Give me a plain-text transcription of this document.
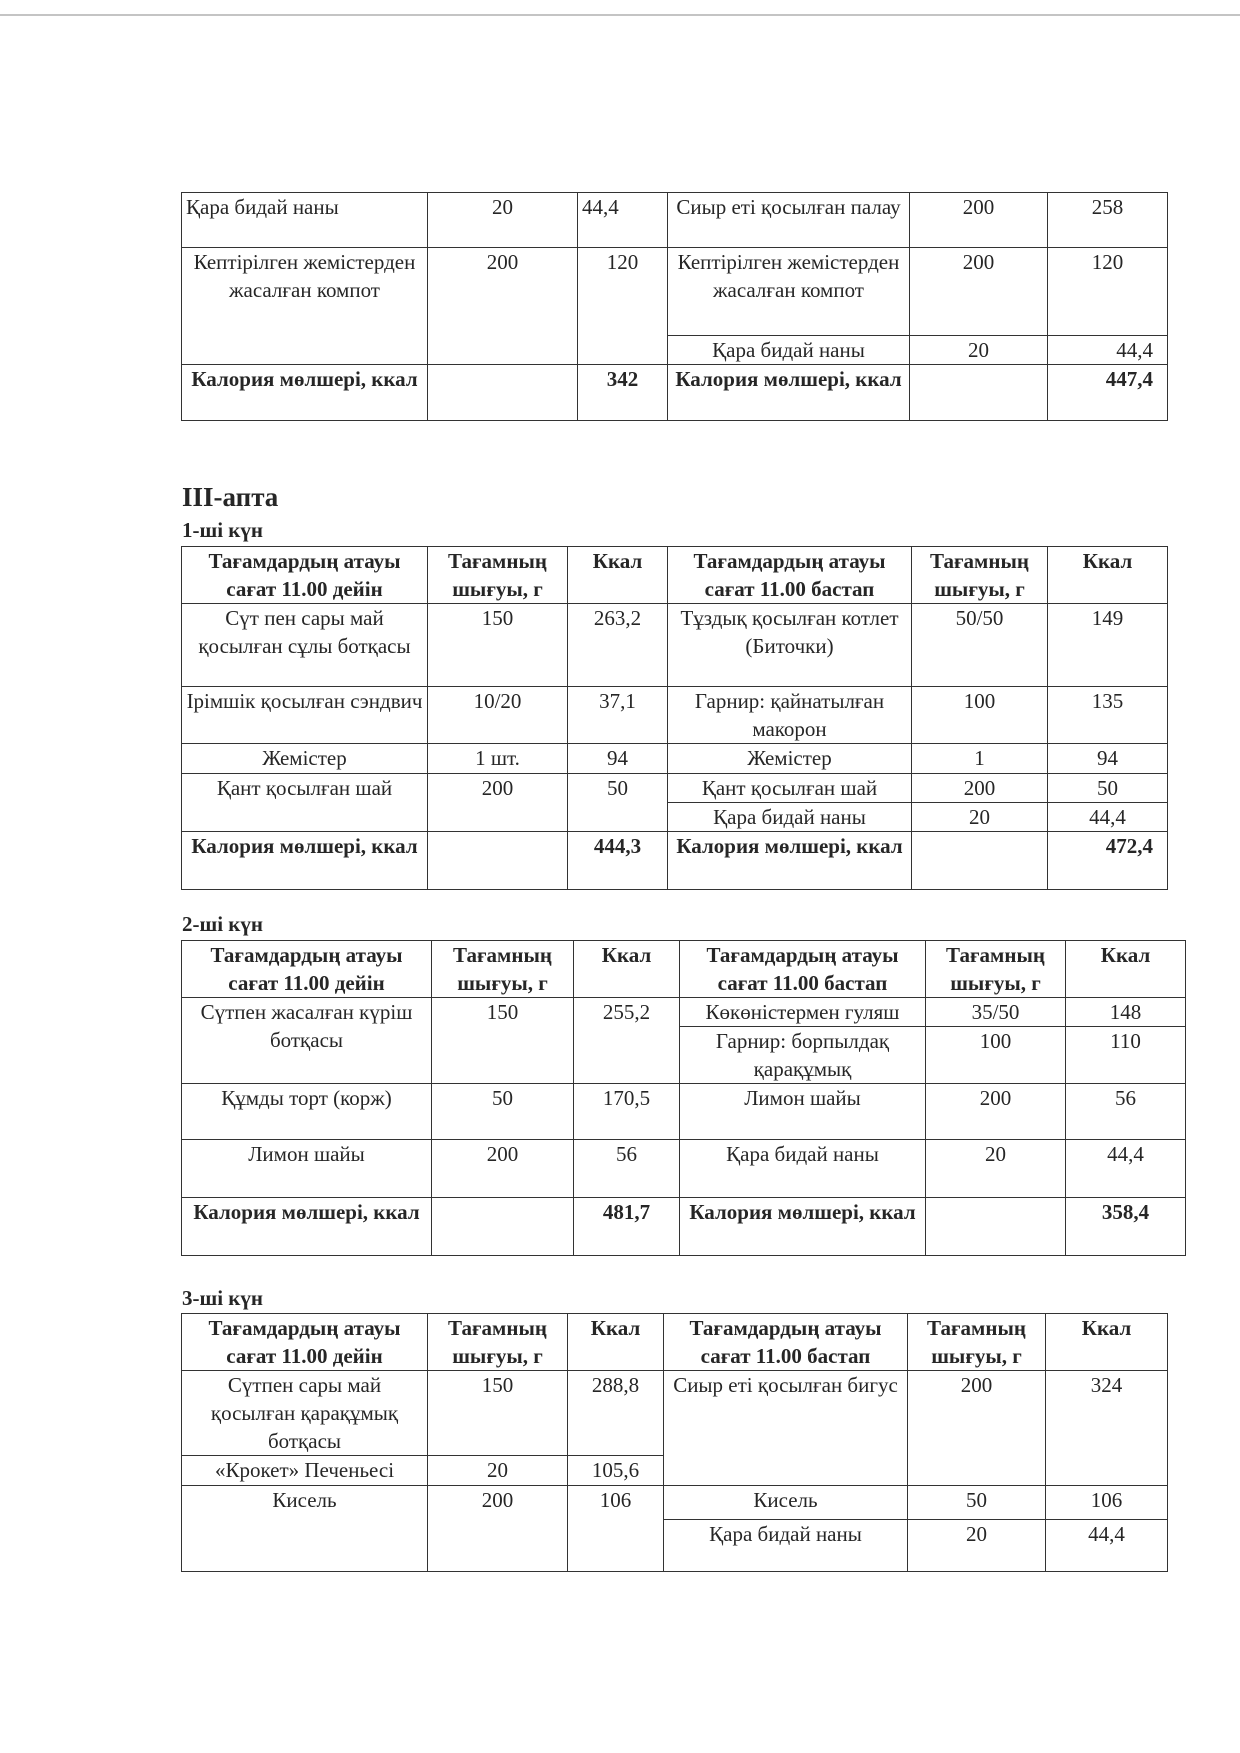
Қара бидай наны	20	44,4	Сиыр еті қосылған палау	200	258
Кептірілген жемістерден жасалған компот	200	120	Кептірілген жемістерден жасалған компот	200	120
			Қара бидай наны	20	44,4
Калория мөлшері, ккал		342	Калория мөлшері, ккал		447,4
ІІІ-апта
1-ші күн
Тағамдардың атауы сағат 11.00 дейін	Тағамның шығуы, г	Ккал	Тағамдардың атауы сағат 11.00 бастап	Тағамның шығуы, г	Ккал
Сүт пен сары май қосылған сұлы ботқасы	150	263,2	Тұздық қосылған котлет (Биточки)	50/50	149
Ірімшік қосылған сэндвич	10/20	37,1	Гарнир: қайнатылған макорон	100	135
Жемістер	1 шт.	94	Жемістер	1	94
Қант қосылған шай	200	50	Қант қосылған шай	200	50
			Қара бидай наны	20	44,4
Калория мөлшері, ккал		444,3	Калория мөлшері, ккал		472,4
2-ші күн
Тағамдардың атауы сағат 11.00 дейін	Тағамның шығуы, г	Ккал	Тағамдардың атауы сағат 11.00 бастап	Тағамның шығуы, г	Ккал
Сүтпен жасалған күріш ботқасы	150	255,2	Көкөністермен гуляш	35/50	148
			Гарнир: борпылдақ қарақұмық	100	110
Құмды торт (корж)	50	170,5	Лимон шайы	200	56
Лимон шайы	200	56	Қара бидай наны	20	44,4
Калория мөлшері, ккал		481,7	Калория мөлшері, ккал		358,4
3-ші күн
Тағамдардың атауы сағат 11.00 дейін	Тағамның шығуы, г	Ккал	Тағамдардың атауы сағат 11.00 бастап	Тағамның шығуы, г	Ккал
Сүтпен сары май қосылған қарақұмық ботқасы	150	288,8	Сиыр еті қосылған бигус	200	324
«Крокет» Печеньесі	20	105,6			
Кисель	200	106	Кисель	50	106
			Қара бидай наны	20	44,4
